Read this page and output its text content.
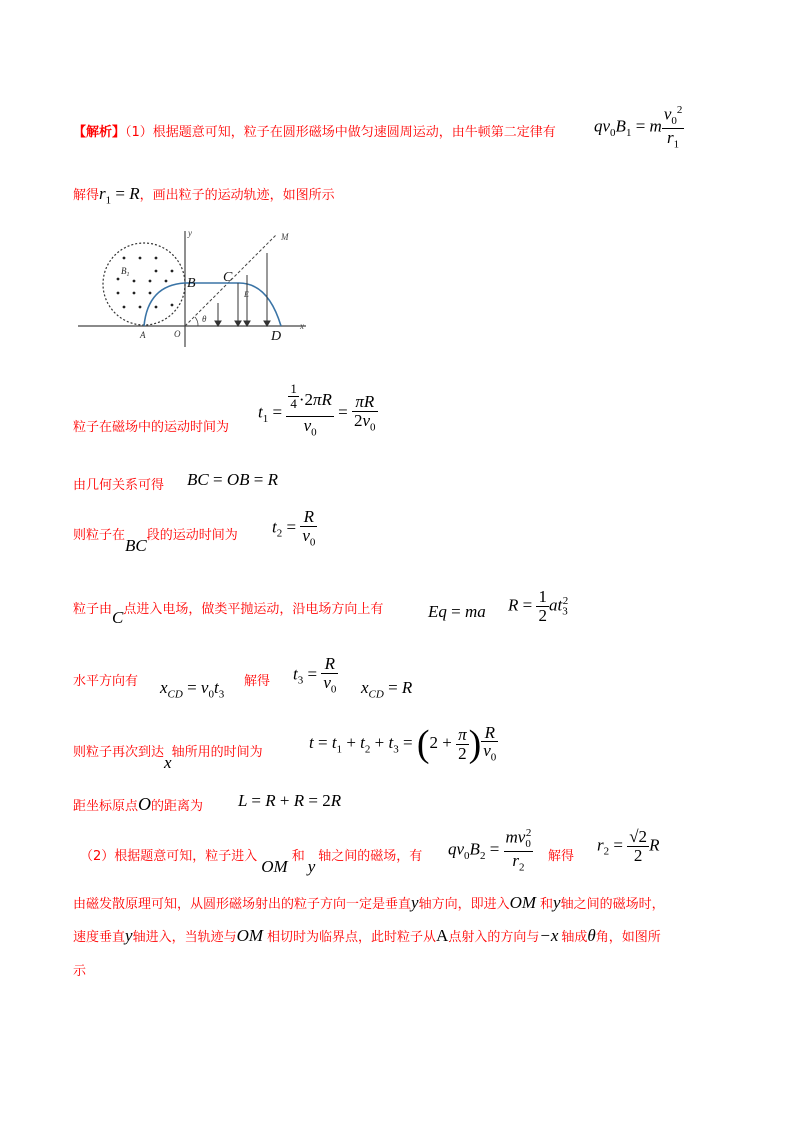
【解析】（1）根据题意可知，粒子在圆形磁场中做匀速圆周运动，由牛顿第二定律有 $qv_0B_1 = m \frac{v_0^2}{r_1}$
解得$r_1 = R$，画出粒子的运动轨迹，如图所示
x
y
$B_1$
M
θ
B C
E
A	O	D
粒子在磁场中的运动时间为
$t_1 = ^{\frac{1}{4}} \cdot 2\pi R$
$v_0 = \frac{\pi R}{2v_0}$
由几何关系可得 BC = OB = R
则粒子在BC段的运动时间为 $t_2 = \frac{R}{v_0}$
粒子由C点进入电场，做类平抛运动，沿电场方向上有	Eq = ma $R = \frac{1}{2} at_3^2$
水平方向有 $x_{CD} = v_0t_3$
解得 $t_3 = \frac{R}{v_0} x_{CD} = R$
则粒子再次到达x轴所用的时间为
$t = t_1 + t_2 + t_3 = (2 + \frac{\pi}{2}$ ) $\frac{R}{v_0}$
距坐标原点O的距离为 L = R + R = 2R
（2）根据题意可知，粒子进入OM和y轴之间的磁场，有 $qv_0B_2 = \frac{mv_0^2}{r_2}$ 解得
$r_2 = \frac{√2}{2}$ R
由磁发散原理可知，从圆形磁场射出的粒子方向一定是垂直y轴方向，即进入OM 和y轴之间的磁场时，
速度垂直y轴进入，当轨迹与OM 相切时为临界点，此时粒子从A点射入的方向与−x 轴成θ角，如图所
示
